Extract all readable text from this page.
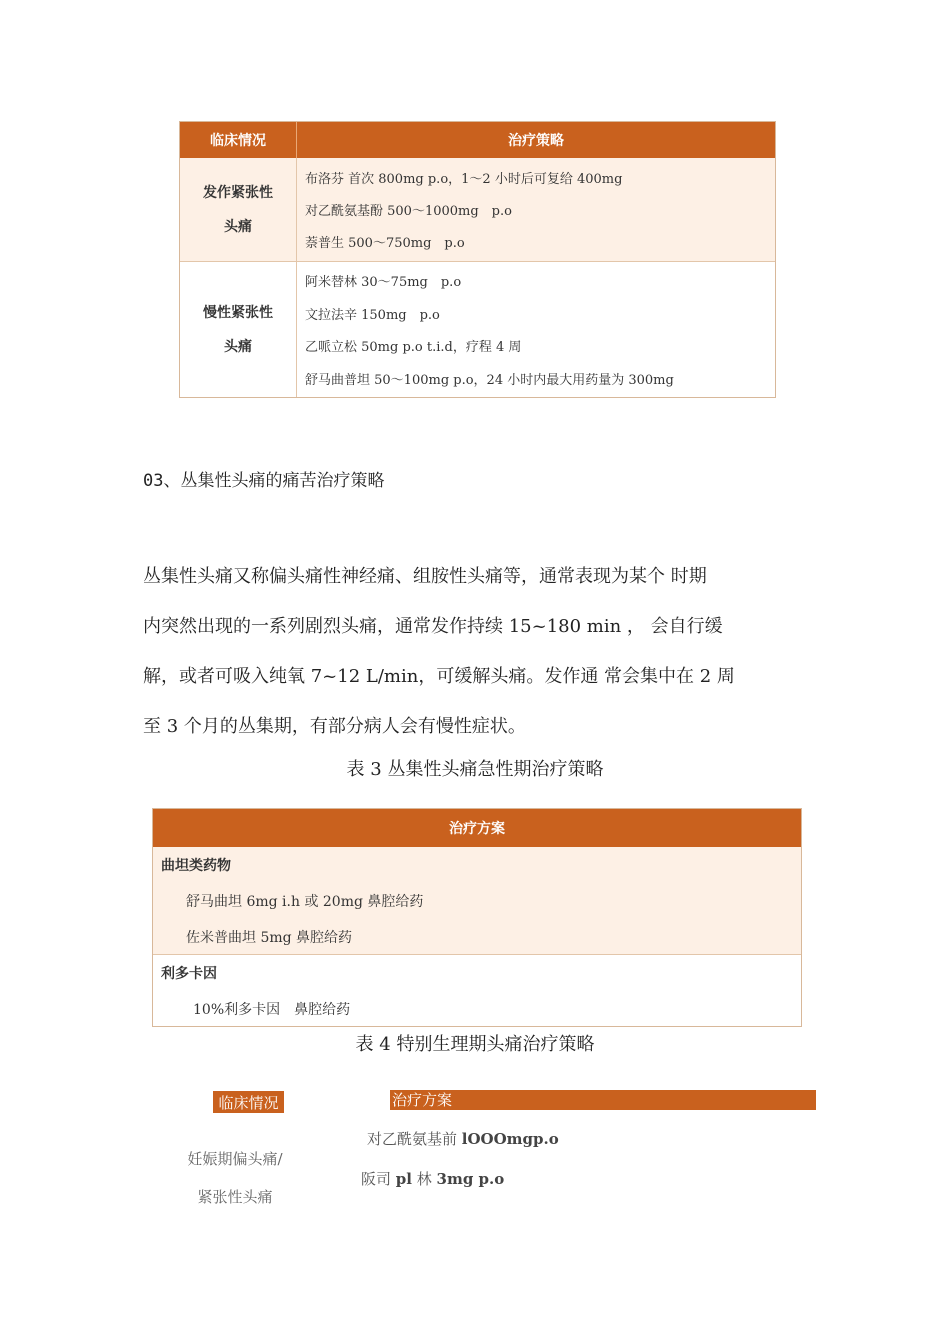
临床情况	治疗策略
发作紧张性
头痛
布洛芬 首次 800mg p.o，1～2 小时后可复给 400mg
对乙酰氨基酚 500～1000mg　p.o
萘普生 500～750mg　p.o
慢性紧张性
头痛
阿米替林 30～75mg　p.o
文拉法辛 150mg　p.o
乙哌立松 50mg p.o t.i.d，疗程 4 周
舒马曲普坦 50～100mg p.o，24 小时内最大用药量为 300mg
03、丛集性头痛的痛苦治疗策略
丛集性头痛又称偏头痛性神经痛、组胺性头痛等，通常表现为某个 时期
内突然出现的一系列剧烈头痛，通常发作持续 15~180 min ， 会自行缓
解，或者可吸入纯氧 7~12 L/min，可缓解头痛。发作通 常会集中在 2 周
至 3 个月的丛集期，有部分病人会有慢性症状。
表 3 丛集性头痛急性期治疗策略
治疗方案
曲坦类药物
舒马曲坦 6mg i.h 或 20mg 鼻腔给药
佐米普曲坦 5mg 鼻腔给药
利多卡因
10%利多卡因　鼻腔给药
表 4 特别生理期头痛治疗策略
临床情况	治疗方案
妊娠期偏头痛/
紧张性头痛
对乙酰氨基前 lOOOmgp.o
阪司 pl 林 3mg p.o
